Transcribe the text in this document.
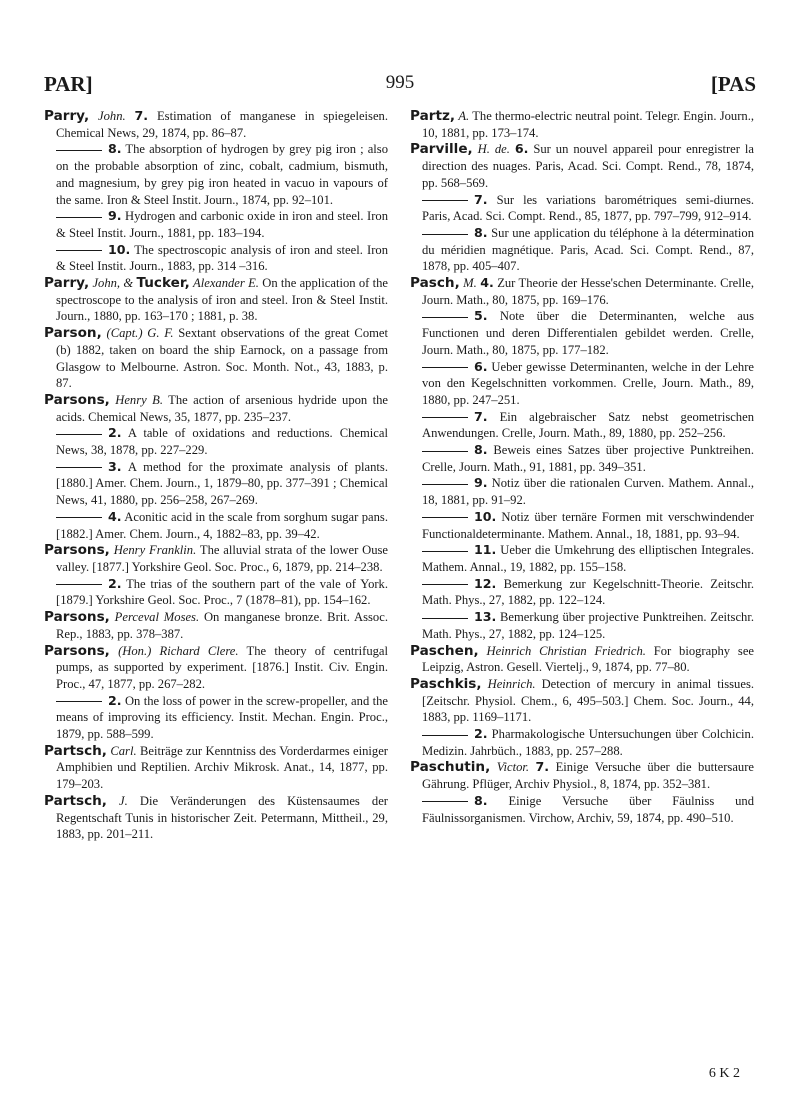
PAR]	995	[PAS

Parry, John. 7. Estimation of manganese in spiegeleisen. Chemical News, 29, 1874, pp. 86–87.

8. The absorption of hydrogen by grey pig iron ; also on the probable absorption of zinc, cobalt, cadmium, bismuth, and magnesium, by grey pig iron heated in vacuo in vapours of the same. Iron & Steel Instit. Journ., 1874, pp. 92–101.

9. Hydrogen and carbonic oxide in iron and steel. Iron & Steel Instit. Journ., 1881, pp. 183–194.

10. The spectroscopic analysis of iron and steel. Iron & Steel Instit. Journ., 1883, pp. 314 –316.

Parry, John, & Tucker, Alexander E. On the application of the spectroscope to the analysis of iron and steel. Iron & Steel Instit. Journ., 1880, pp. 163–170 ; 1881, p. 38.

Parson, (Capt.) G. F. Sextant observations of the great Comet (b) 1882, taken on board the ship Earnock, on a passage from Glasgow to Melbourne. Astron. Soc. Month. Not., 43, 1883, p. 87.

Parsons, Henry B. The action of arsenious hydride upon the acids. Chemical News, 35, 1877, pp. 235–237.

2. A table of oxidations and reductions. Chemical News, 38, 1878, pp. 227–229.

3. A method for the proximate analysis of plants. [1880.] Amer. Chem. Journ., 1, 1879–80, pp. 377–391 ; Chemical News, 41, 1880, pp. 256–258, 267–269.

4. Aconitic acid in the scale from sorghum sugar pans. [1882.] Amer. Chem. Journ., 4, 1882–83, pp. 39–42.

Parsons, Henry Franklin. The alluvial strata of the lower Ouse valley. [1877.] Yorkshire Geol. Soc. Proc., 6, 1879, pp. 214–238.

2. The trias of the southern part of the vale of York. [1879.] Yorkshire Geol. Soc. Proc., 7 (1878–81), pp. 154–162.

Parsons, Perceval Moses. On manganese bronze. Brit. Assoc. Rep., 1883, pp. 378–387.

Parsons, (Hon.) Richard Clere. The theory of centrifugal pumps, as supported by experiment. [1876.] Instit. Civ. Engin. Proc., 47, 1877, pp. 267–282.

2. On the loss of power in the screw-propeller, and the means of improving its efficiency. Instit. Mechan. Engin. Proc., 1879, pp. 588–599.

Partsch, Carl. Beiträge zur Kenntniss des Vorderdarmes einiger Amphibien und Reptilien. Archiv Mikrosk. Anat., 14, 1877, pp. 179–203.

Partsch, J. Die Veränderungen des Küstensaumes der Regentschaft Tunis in historischer Zeit. Petermann, Mittheil., 29, 1883, pp. 201–211.

Partz, A. The thermo-electric neutral point. Telegr. Engin. Journ., 10, 1881, pp. 173–174.

Parville, H. de. 6. Sur un nouvel appareil pour enregistrer la direction des nuages. Paris, Acad. Sci. Compt. Rend., 78, 1874, pp. 568–569.

7. Sur les variations barométriques semi-diurnes. Paris, Acad. Sci. Compt. Rend., 85, 1877, pp. 797–799, 912–914.

8. Sur une application du téléphone à la détermination du méridien magnétique. Paris, Acad. Sci. Compt. Rend., 87, 1878, pp. 405–407.

Pasch, M. 4. Zur Theorie der Hesse'schen Determinante. Crelle, Journ. Math., 80, 1875, pp. 169–176.

5. Note über die Determinanten, welche aus Functionen und deren Differentialen gebildet werden. Crelle, Journ. Math., 80, 1875, pp. 177–182.

6. Ueber gewisse Determinanten, welche in der Lehre von den Kegelschnitten vorkommen. Crelle, Journ. Math., 89, 1880, pp. 247–251.

7. Ein algebraischer Satz nebst geometrischen Anwendungen. Crelle, Journ. Math., 89, 1880, pp. 252–256.

8. Beweis eines Satzes über projective Punktreihen. Crelle, Journ. Math., 91, 1881, pp. 349–351.

9. Notiz über die rationalen Curven. Mathem. Annal., 18, 1881, pp. 91–92.

10. Notiz über ternäre Formen mit verschwindender Functionaldeterminante. Mathem. Annal., 18, 1881, pp. 93–94.

11. Ueber die Umkehrung des elliptischen Integrales. Mathem. Annal., 19, 1882, pp. 155–158.

12. Bemerkung zur Kegelschnitt-Theorie. Zeitschr. Math. Phys., 27, 1882, pp. 122–124.

13. Bemerkung über projective Punktreihen. Zeitschr. Math. Phys., 27, 1882, pp. 124–125.

Paschen, Heinrich Christian Friedrich. For biography see Leipzig, Astron. Gesell. Viertelj., 9, 1874, pp. 77–80.

Paschkis, Heinrich. Detection of mercury in animal tissues. [Zeitschr. Physiol. Chem., 6, 495–503.] Chem. Soc. Journ., 44, 1883, pp. 1169–1171.

2. Pharmakologische Untersuchungen über Colchicin. Medizin. Jahrbüch., 1883, pp. 257–288.

Paschutin, Victor. 7. Einige Versuche über die buttersaure Gährung. Pflüger, Archiv Physiol., 8, 1874, pp. 352–381.

8. Einige Versuche über Fäulniss und Fäulnissorganismen. Virchow, Archiv, 59, 1874, pp. 490–510.

6 K 2
